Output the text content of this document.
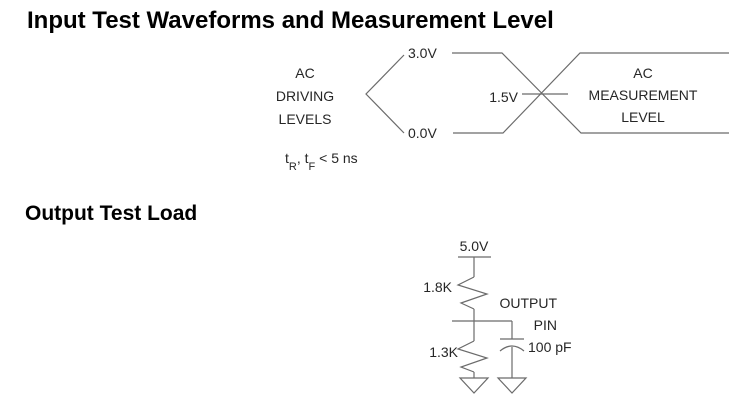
Input Test Waveforms and Measurement Level
AC
DRIVING
LEVELS
3.0V
0.0V
1.5V
AC
MEASUREMENT
LEVEL
$t_R$, $t_F < 5$ ns
Output Test Load
5.0V
1.8K
1.3K
OUTPUT
PIN
100 pF
